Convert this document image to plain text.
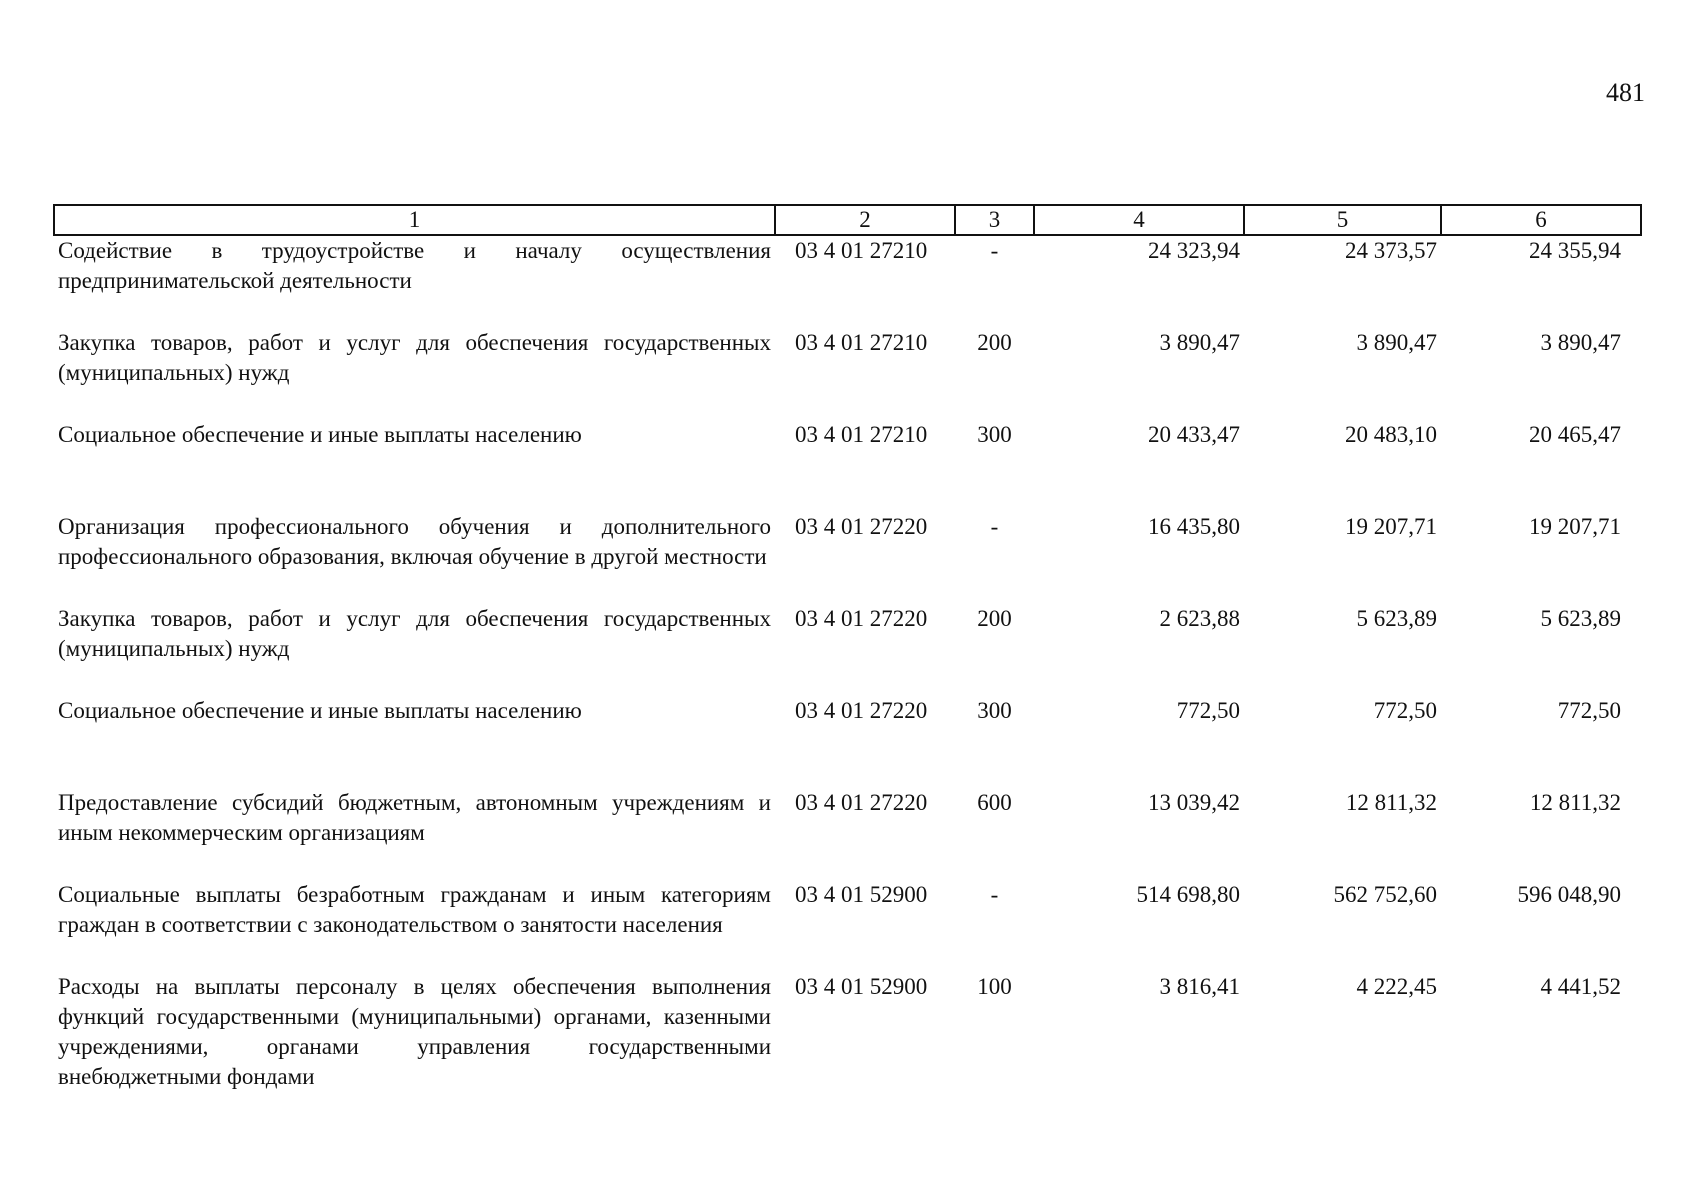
481
1	2	3	4	5	6
Содействие в трудоустройстве и началу осуществления предпринимательской деятельности	03 4 01 27210	-	24 323,94	24 373,57	24 355,94
Закупка товаров, работ и услуг для обеспечения государственных (муниципальных) нужд	03 4 01 27210	200	3 890,47	3 890,47	3 890,47
Социальное обеспечение и иные выплаты населению	03 4 01 27210	300	20 433,47	20 483,10	20 465,47
Организация профессионального обучения и дополнительного профессионального образования, включая обучение в другой местности	03 4 01 27220	-	16 435,80	19 207,71	19 207,71
Закупка товаров, работ и услуг для обеспечения государственных (муниципальных) нужд	03 4 01 27220	200	2 623,88	5 623,89	5 623,89
Социальное обеспечение и иные выплаты населению	03 4 01 27220	300	772,50	772,50	772,50
Предоставление субсидий бюджетным, автономным учреждениям и иным некоммерческим организациям	03 4 01 27220	600	13 039,42	12 811,32	12 811,32
Социальные выплаты безработным гражданам и иным категориям граждан в соответствии с законодательством о занятости населения	03 4 01 52900	-	514 698,80	562 752,60	596 048,90
Расходы на выплаты персоналу в целях обеспечения выполнения функций государственными (муниципальными) органами, казенными учреждениями, органами управления государственными внебюджетными фондами	03 4 01 52900	100	3 816,41	4 222,45	4 441,52
